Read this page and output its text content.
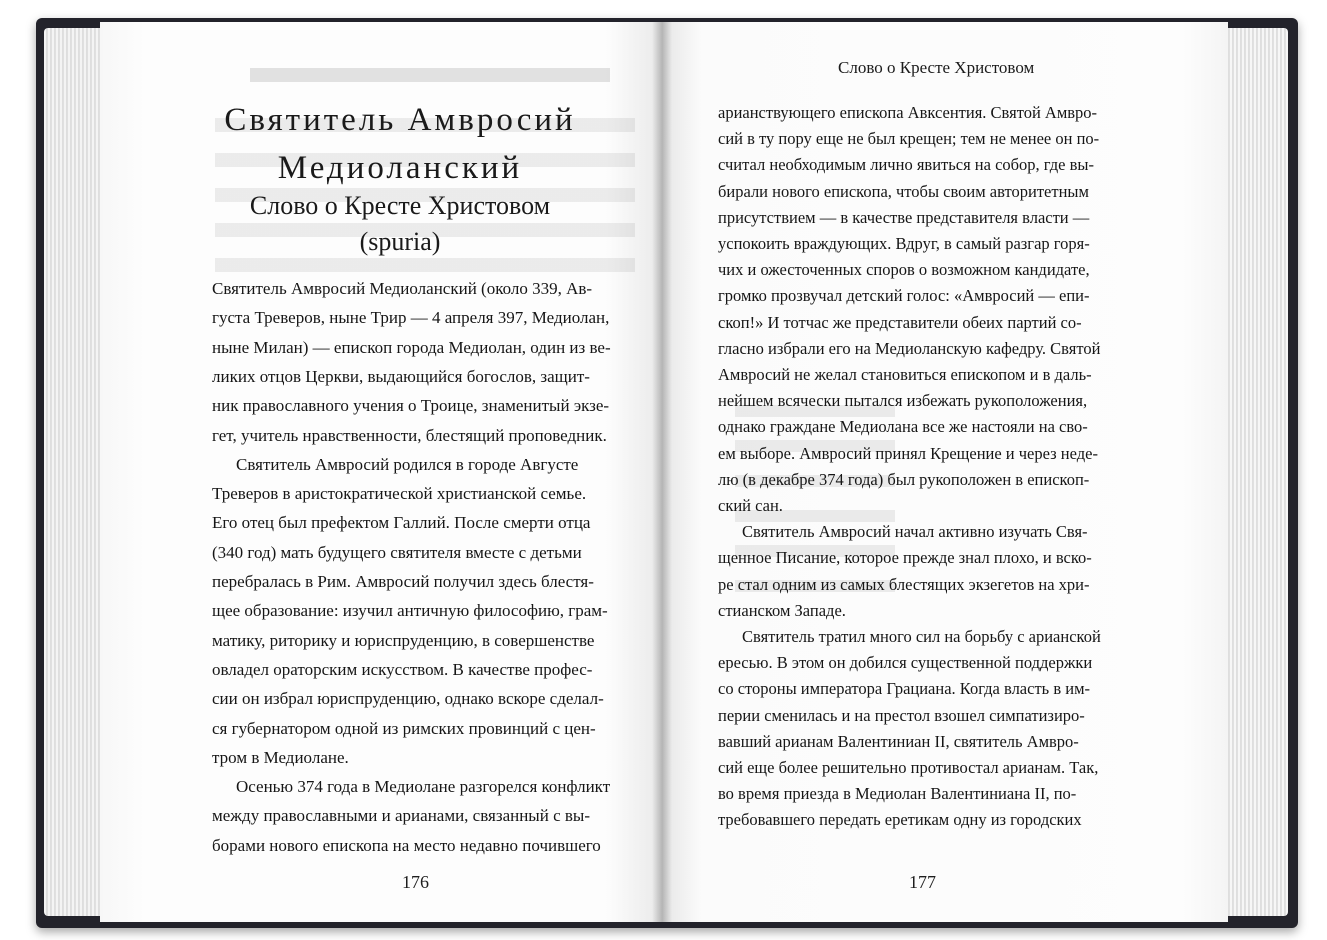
Слово о Кресте Христовом
Святитель Амвросий
Медиоланский
Слово о Кресте Христовом
(spuria)
Святитель Амвросий Медиоланский (около 339, Ав-
густа Треверов, ныне Трир — 4 апреля 397, Медиолан,
ныне Милан) — епископ города Медиолан, один из ве-
ликих отцов Церкви, выдающийся богослов, защит-
ник православного учения о Троице, знаменитый экзе-
гет, учитель нравственности, блестящий проповедник.
Святитель Амвросий родился в городе Августе
Треверов в аристократической христианской семье.
Его отец был префектом Галлий. После смерти отца
(340 год) мать будущего святителя вместе с детьми
перебралась в Рим. Амвросий получил здесь блестя-
щее образование: изучил античную философию, грам-
матику, риторику и юриспруденцию, в совершенстве
овладел ораторским искусством. В качестве профес-
сии он избрал юриспруденцию, однако вскоре сделал-
ся губернатором одной из римских провинций с цен-
тром в Медиолане.
Осенью 374 года в Медиолане разгорелся конфликт
между православными и арианами, связанный с вы-
борами нового епископа на место недавно почившего
176
арианствующего епископа Авксентия. Святой Амвро-
сий в ту пору еще не был крещен; тем не менее он по-
считал необходимым лично явиться на собор, где вы-
бирали нового епископа, чтобы своим авторитетным
присутствием — в качестве представителя власти —
успокоить враждующих. Вдруг, в самый разгар горя-
чих и ожесточенных споров о возможном кандидате,
громко прозвучал детский голос: «Амвросий — епи-
скоп!» И тотчас же представители обеих партий со-
гласно избрали его на Медиоланскую кафедру. Святой
Амвросий не желал становиться епископом и в даль-
нейшем всячески пытался избежать рукоположения,
однако граждане Медиолана все же настояли на сво-
ем выборе. Амвросий принял Крещение и через неде-
лю (в декабре 374 года) был рукоположен в епископ-
ский сан.
Святитель Амвросий начал активно изучать Свя-
щенное Писание, которое прежде знал плохо, и вско-
ре стал одним из самых блестящих экзегетов на хри-
стианском Западе.
Святитель тратил много сил на борьбу с арианской
ересью. В этом он добился существенной поддержки
со стороны императора Грациана. Когда власть в им-
перии сменилась и на престол взошел симпатизиро-
вавший арианам Валентиниан II, святитель Амвро-
сий еще более решительно противостал арианам. Так,
во время приезда в Медиолан Валентиниана II, по-
требовавшего передать еретикам одну из городских
177
